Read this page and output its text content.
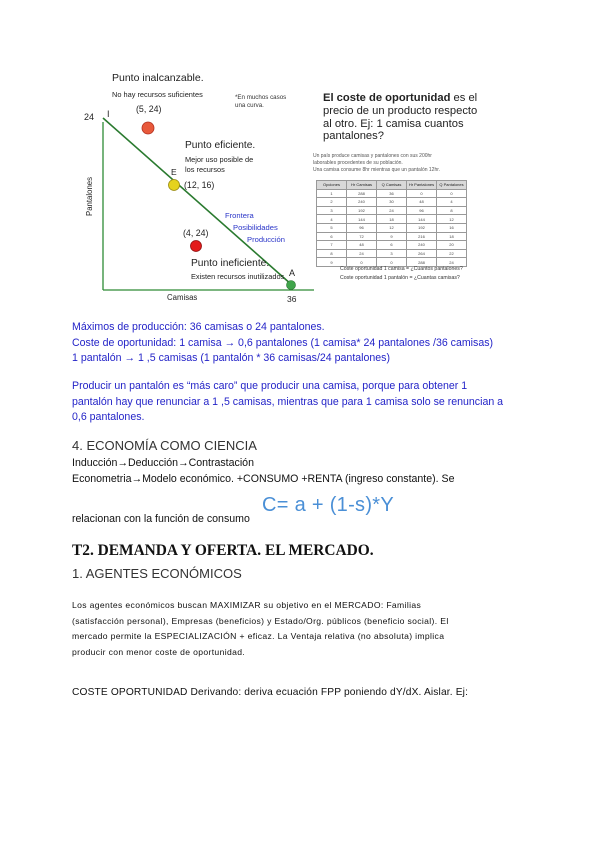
Punto inalcanzable.
No hay recursos suficientes	*En muchos casos
una curva.
(5, 24)
24 I
Punto eficiente.
Mejor uso posible de
los recursos
E
(12, 16)
Frontera
Posibilidades
Producción
(4, 24)
Punto ineficiente.
Existen recursos inutilizados A
36
Camisas
Pantalones
El coste de oportunidad es el
precio de un producto respecto
al otro. Ej: 1 camisa cuantos
pantalones?
Un país produce camisas y pantalones con sus 200hr
laborables procedentes de su población.
Una camisa consume 8hr mientras que un pantalón 12hr.
Opciones	Hr Camisas	Q Camisas	Hr Pantalones	Q Pantalones
1	288	36	0	0
2	240	30	48	4
3	192	24	96	8
4	144	18	144	12
5	96	12	192	16
6	72	9	216	18
7	48	6	240	20
8	24	3	264	22
9	0	0	288	24
Coste oportunidad 1 camisa = ¿Cuantos pantalones?
Coste oportunidad 1 pantalón = ¿Cuantas camisas?
Máximos de producción: 36 camisas o 24 pantalones.
Coste de oportunidad: 1 camisa → 0,6 pantalones (1 camisa* 24 pantalones /36 camisas)
1 pantalón → 1 ,5 camisas (1 pantalón * 36 camisas/24 pantalones)
Producir un pantalón es “más caro” que producir una camisa, porque para obtener 1
pantalón hay que renunciar a 1 ,5 camisas, mientras que para 1 camisa solo se renuncian a
0,6 pantalones.
4. ECONOMÍA COMO CIENCIA
Inducción→Deducción→Contrastación
Econometria→Modelo económico. +CONSUMO +RENTA (ingreso constante). Se
relacionan con la función de consumo
C= a + (1-s)*Y
T2. DEMANDA Y OFERTA. EL MERCADO.
1. AGENTES ECONÓMICOS
Los agentes económicos buscan MAXIMIZAR su objetivo en el MERCADO: Familias
(satisfacción personal), Empresas (beneficios) y Estado/Org. públicos (beneficio social). El
mercado permite la ESPECIALIZACIÓN + eficaz. La Ventaja relativa (no absoluta) implica
producir con menor coste de oportunidad.
COSTE OPORTUNIDAD Derivando: deriva ecuación FPP poniendo dY/dX. Aislar. Ej:
